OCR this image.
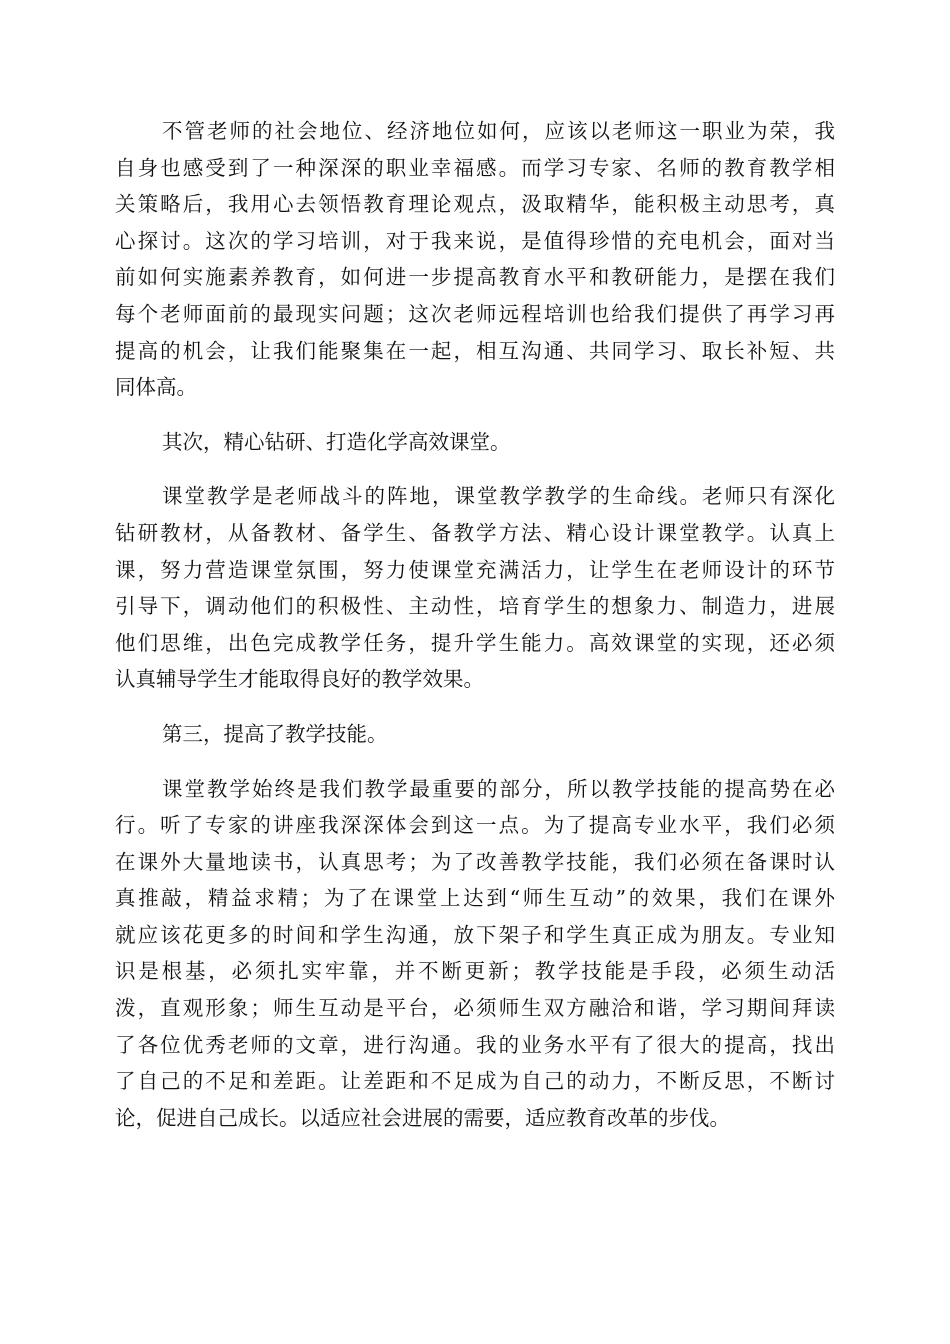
不管老师的社会地位、经济地位如何，应该以老师这一职业为荣，我
自身也感受到了一种深深的职业幸福感。而学习专家、名师的教育教学相
关策略后，我用心去领悟教育理论观点，汲取精华，能积极主动思考，真
心探讨。这次的学习培训，对于我来说，是值得珍惜的充电机会，面对当
前如何实施素养教育，如何进一步提高教育水平和教研能力，是摆在我们
每个老师面前的最现实问题；这次老师远程培训也给我们提供了再学习再
提高的机会，让我们能聚集在一起，相互沟通、共同学习、取长补短、共
同体高。
其次，精心钻研、打造化学高效课堂。
课堂教学是老师战斗的阵地，课堂教学教学的生命线。老师只有深化
钻研教材，从备教材、备学生、备教学方法、精心设计课堂教学。认真上
课，努力营造课堂氛围，努力使课堂充满活力，让学生在老师设计的环节
引导下，调动他们的积极性、主动性，培育学生的想象力、制造力，进展
他们思维，出色完成教学任务，提升学生能力。高效课堂的实现，还必须
认真辅导学生才能取得良好的教学效果。
第三，提高了教学技能。
课堂教学始终是我们教学最重要的部分，所以教学技能的提高势在必
行。听了专家的讲座我深深体会到这一点。为了提高专业水平，我们必须
在课外大量地读书，认真思考；为了改善教学技能，我们必须在备课时认
真推敲，精益求精；为了在课堂上达到“师生互动”的效果，我们在课外
就应该花更多的时间和学生沟通，放下架子和学生真正成为朋友。专业知
识是根基，必须扎实牢靠，并不断更新；教学技能是手段，必须生动活
泼，直观形象；师生互动是平台，必须师生双方融洽和谐，学习期间拜读
了各位优秀老师的文章，进行沟通。我的业务水平有了很大的提高，找出
了自己的不足和差距。让差距和不足成为自己的动力，不断反思，不断讨
论，促进自己成长。以适应社会进展的需要，适应教育改革的步伐。
